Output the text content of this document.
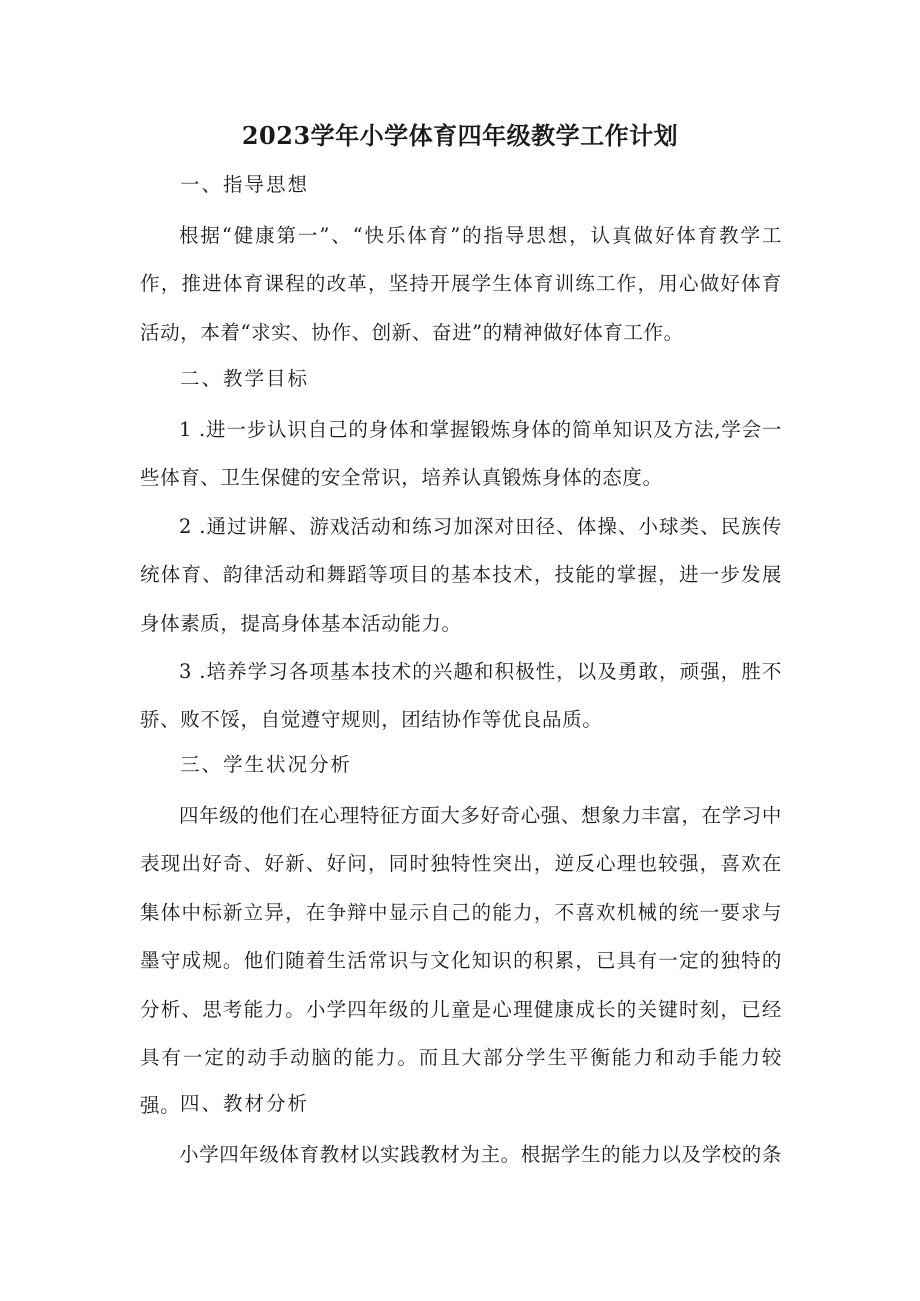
2023学年小学体育四年级教学工作计划
一、指导思想
根据“健康第一”、“快乐体育”的指导思想，认真做好体育教学工作，推进体育课程的改革，坚持开展学生体育训练工作，用心做好体育活动，本着“求实、协作、创新、奋进”的精神做好体育工作。
二、教学目标
1 .进一步认识自己的身体和掌握锻炼身体的简单知识及方法,学会一些体育、卫生保健的安全常识，培养认真锻炼身体的态度。
2 .通过讲解、游戏活动和练习加深对田径、体操、小球类、民族传统体育、韵律活动和舞蹈等项目的基本技术，技能的掌握，进一步发展身体素质，提高身体基本活动能力。
3 .培养学习各项基本技术的兴趣和积极性，以及勇敢，顽强，胜不骄、败不馁，自觉遵守规则，团结协作等优良品质。
三、学生状况分析
四年级的他们在心理特征方面大多好奇心强、想象力丰富，在学习中表现出好奇、好新、好问，同时独特性突出，逆反心理也较强，喜欢在集体中标新立异，在争辩中显示自己的能力，不喜欢机械的统一要求与墨守成规。他们随着生活常识与文化知识的积累，已具有一定的独特的分析、思考能力。小学四年级的儿童是心理健康成长的关键时刻，已经具有一定的动手动脑的能力。而且大部分学生平衡能力和动手能力较强。 四、教材分析
小学四年级体育教材以实践教材为主。根据学生的能力以及学校的条
